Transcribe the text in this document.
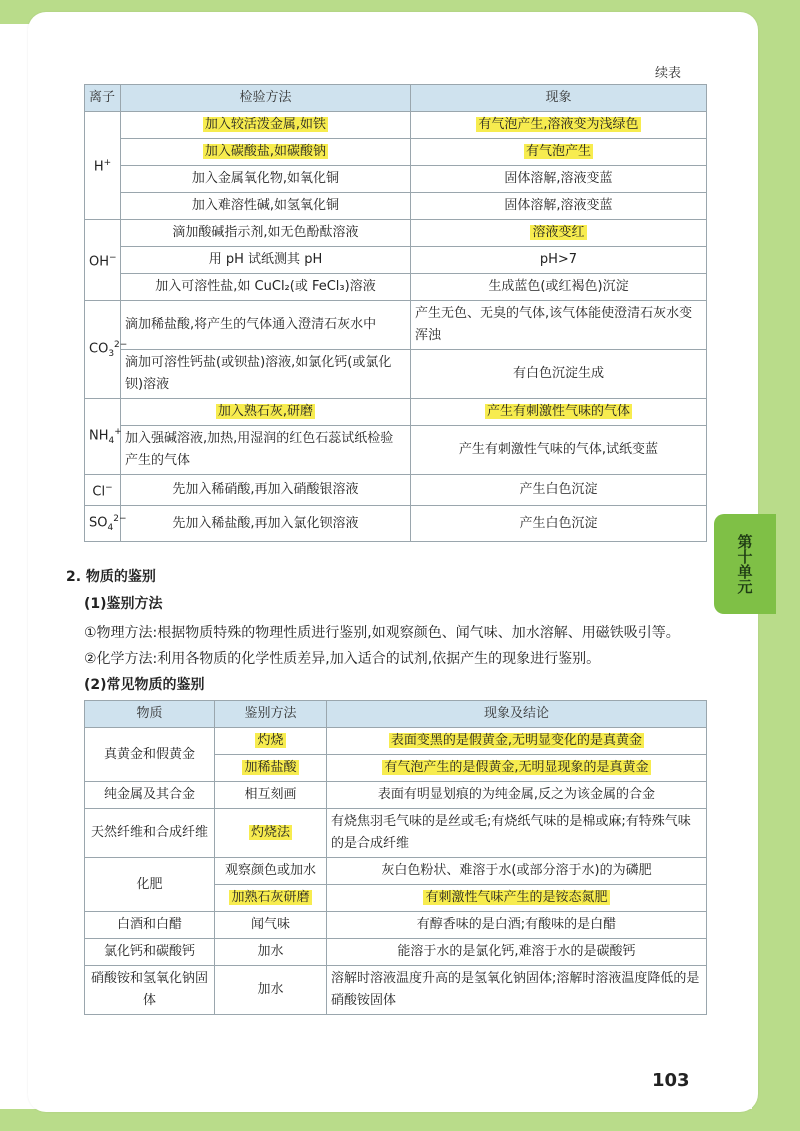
续表
离子	检验方法	现象
H+	加入较活泼金属,如铁	有气泡产生,溶液变为浅绿色
	加入碳酸盐,如碳酸钠	有气泡产生
	加入金属氧化物,如氧化铜	固体溶解,溶液变蓝
	加入难溶性碱,如氢氧化铜	固体溶解,溶液变蓝
OH−	滴加酸碱指示剂,如无色酚酞溶液	溶液变红
	用 pH 试纸测其 pH	pH>7
	加入可溶性盐,如 CuCl₂(或 FeCl₃)溶液	生成蓝色(或红褐色)沉淀
$CO_3^{2-}$	滴加稀盐酸,将产生的气体通入澄清石灰水中	产生无色、无臭的气体,该气体能使澄清石灰水变浑浊
	滴加可溶性钙盐(或钡盐)溶液,如氯化钙(或氯化钡)溶液	有白色沉淀生成
$NH_4^+$	加入熟石灰,研磨	产生有刺激性气味的气体
	加入强碱溶液,加热,用湿润的红色石蕊试纸检验产生的气体	产生有刺激性气味的气体,试纸变蓝
Cl−	先加入稀硝酸,再加入硝酸银溶液	产生白色沉淀
$SO_4^{2-}$	先加入稀盐酸,再加入氯化钡溶液	产生白色沉淀
2. 物质的鉴别
(1)鉴别方法
①物理方法:根据物质特殊的物理性质进行鉴别,如观察颜色、闻气味、加水溶解、用磁铁吸引等。
②化学方法:利用各物质的化学性质差异,加入适合的试剂,依据产生的现象进行鉴别。
(2)常见物质的鉴别
物质	鉴别方法	现象及结论
真黄金和假黄金	灼烧	表面变黑的是假黄金,无明显变化的是真黄金
	加稀盐酸	有气泡产生的是假黄金,无明显现象的是真黄金
纯金属及其合金	相互刻画	表面有明显划痕的为纯金属,反之为该金属的合金
天然纤维和合成纤维	灼烧法	有烧焦羽毛气味的是丝或毛;有烧纸气味的是棉或麻;有特殊气味的是合成纤维
化肥	观察颜色或加水	灰白色粉状、难溶于水(或部分溶于水)的为磷肥
	加熟石灰研磨	有刺激性气味产生的是铵态氮肥
白酒和白醋	闻气味	有醇香味的是白酒;有酸味的是白醋
氯化钙和碳酸钙	加水	能溶于水的是氯化钙,难溶于水的是碳酸钙
硝酸铵和氢氧化钠固体	加水	溶解时溶液温度升高的是氢氧化钠固体;溶解时溶液温度降低的是硝酸铵固体
第十单元
103
